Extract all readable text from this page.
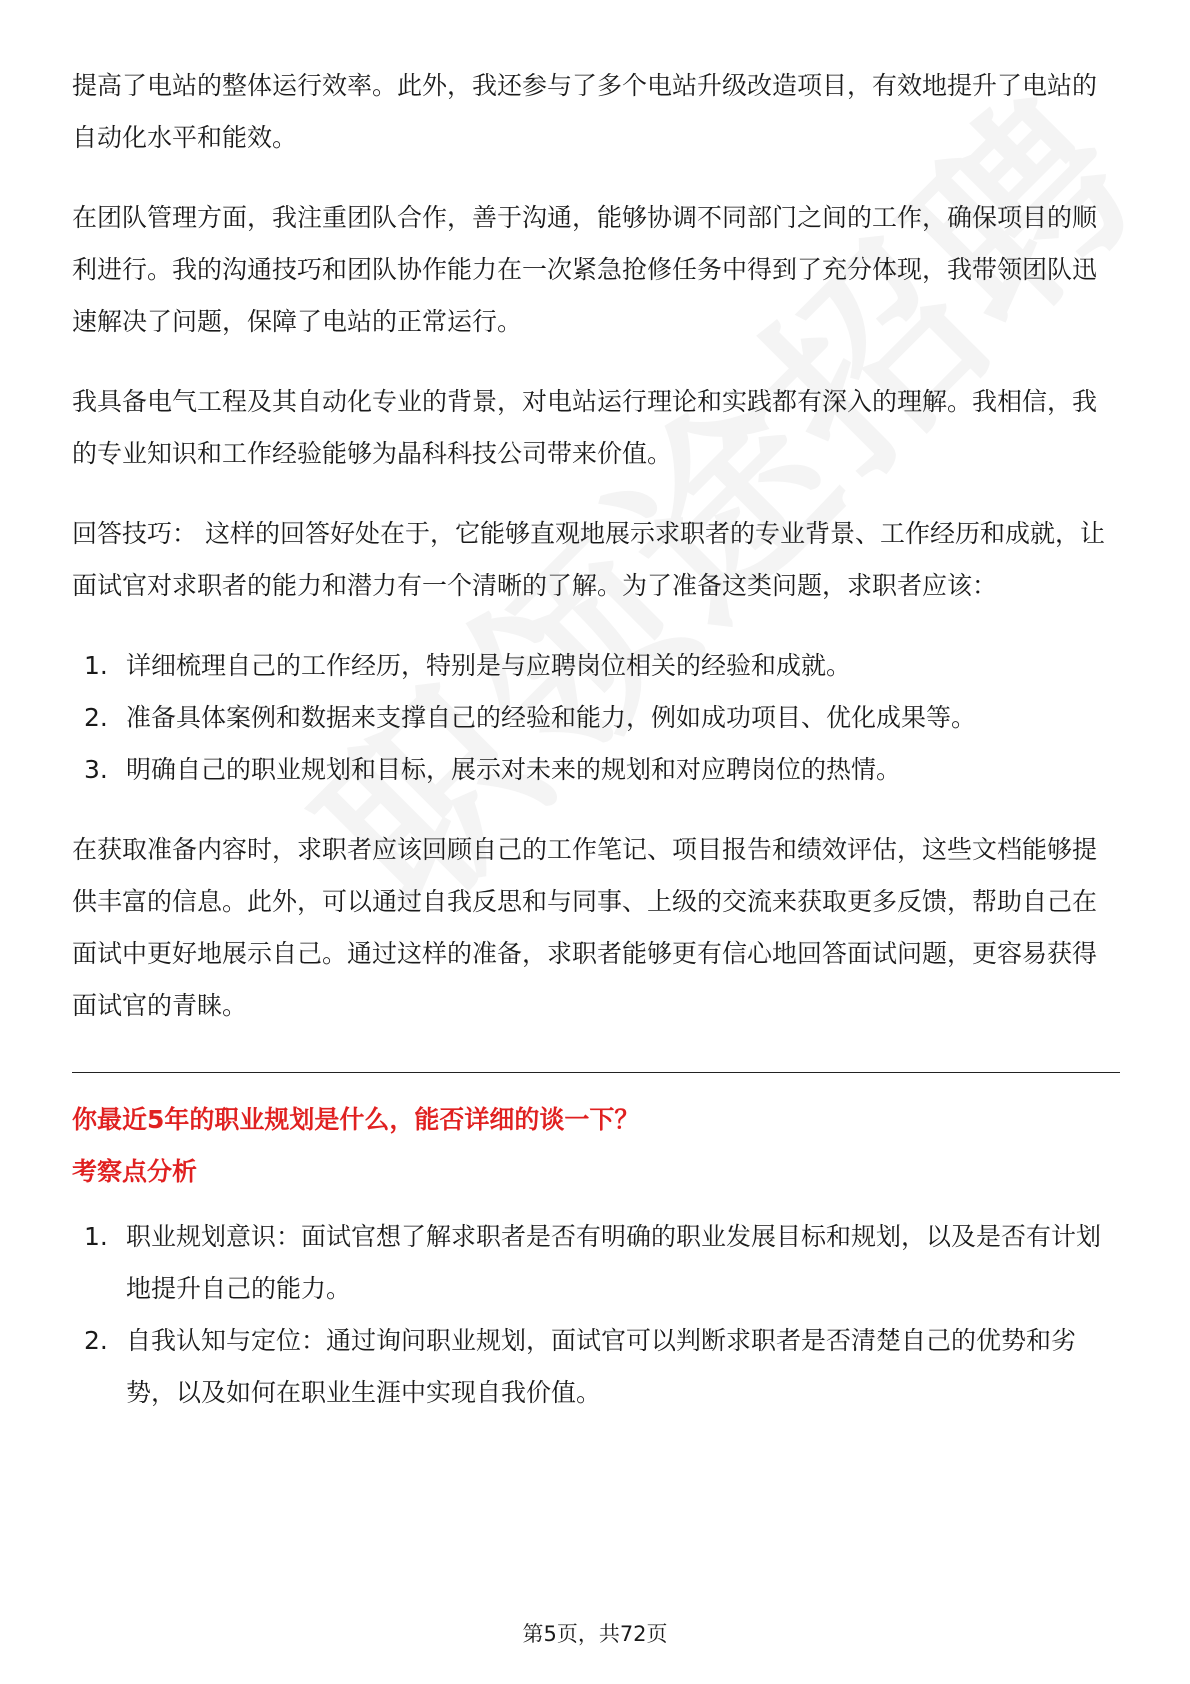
提高了电站的整体运行效率。此外，我还参与了多个电站升级改造项目，有效地提升了电站的自动化水平和能效。

在团队管理方面，我注重团队合作，善于沟通，能够协调不同部门之间的工作，确保项目的顺利进行。我的沟通技巧和团队协作能力在一次紧急抢修任务中得到了充分体现，我带领团队迅速解决了问题，保障了电站的正常运行。

我具备电气工程及其自动化专业的背景，对电站运行理论和实践都有深入的理解。我相信，我的专业知识和工作经验能够为晶科科技公司带来价值。

回答技巧： 这样的回答好处在于，它能够直观地展示求职者的专业背景、工作经历和成就，让面试官对求职者的能力和潜力有一个清晰的了解。为了准备这类问题，求职者应该：

1. 详细梳理自己的工作经历，特别是与应聘岗位相关的经验和成就。
2. 准备具体案例和数据来支撑自己的经验和能力，例如成功项目、优化成果等。
3. 明确自己的职业规划和目标，展示对未来的规划和对应聘岗位的热情。

在获取准备内容时，求职者应该回顾自己的工作笔记、项目报告和绩效评估，这些文档能够提供丰富的信息。此外，可以通过自我反思和与同事、上级的交流来获取更多反馈，帮助自己在面试中更好地展示自己。通过这样的准备，求职者能够更有信心地回答面试问题，更容易获得面试官的青睐。

你最近5年的职业规划是什么，能否详细的谈一下？
考察点分析
1. 职业规划意识：面试官想了解求职者是否有明确的职业发展目标和规划，以及是否有计划地提升自己的能力。
2. 自我认知与定位：通过询问职业规划，面试官可以判断求职者是否清楚自己的优势和劣势，以及如何在职业生涯中实现自我价值。
第5页，共72页
